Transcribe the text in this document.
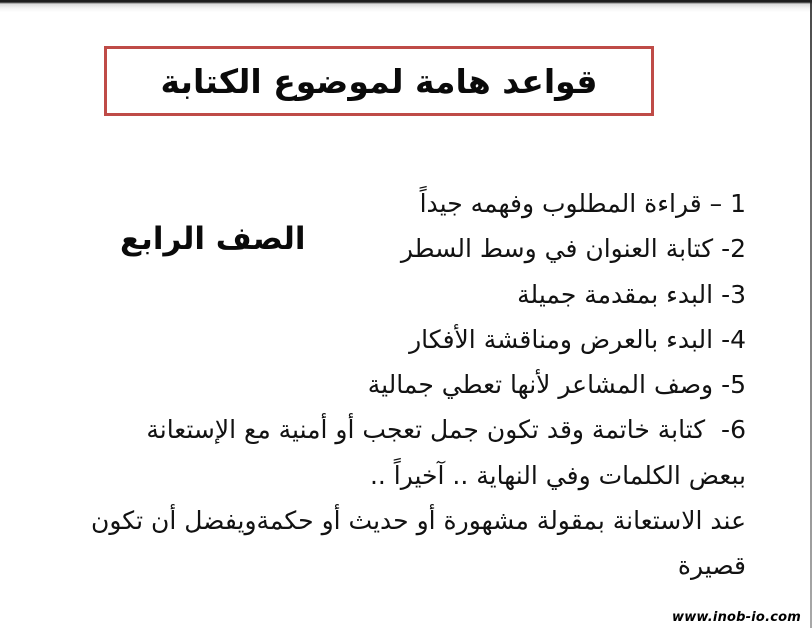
قواعد هامة لموضوع الكتابة
الصف الرابع
1 – قراءة المطلوب وفهمه جيداً
2- كتابة العنوان في وسط السطر
3- البدء بمقدمة جميلة
4- البدء بالعرض ومناقشة الأفكار
5- وصف المشاعر لأنها تعطي جمالية
6-  كتابة خاتمة وقد تكون جمل تعجب أو أمنية مع الإستعانة
ببعض الكلمات وفي النهاية .. آخيراً ..
عند الاستعانة بمقولة مشهورة أو حديث أو حكمةويفضل أن تكون
قصيرة
www.inob-io.com
